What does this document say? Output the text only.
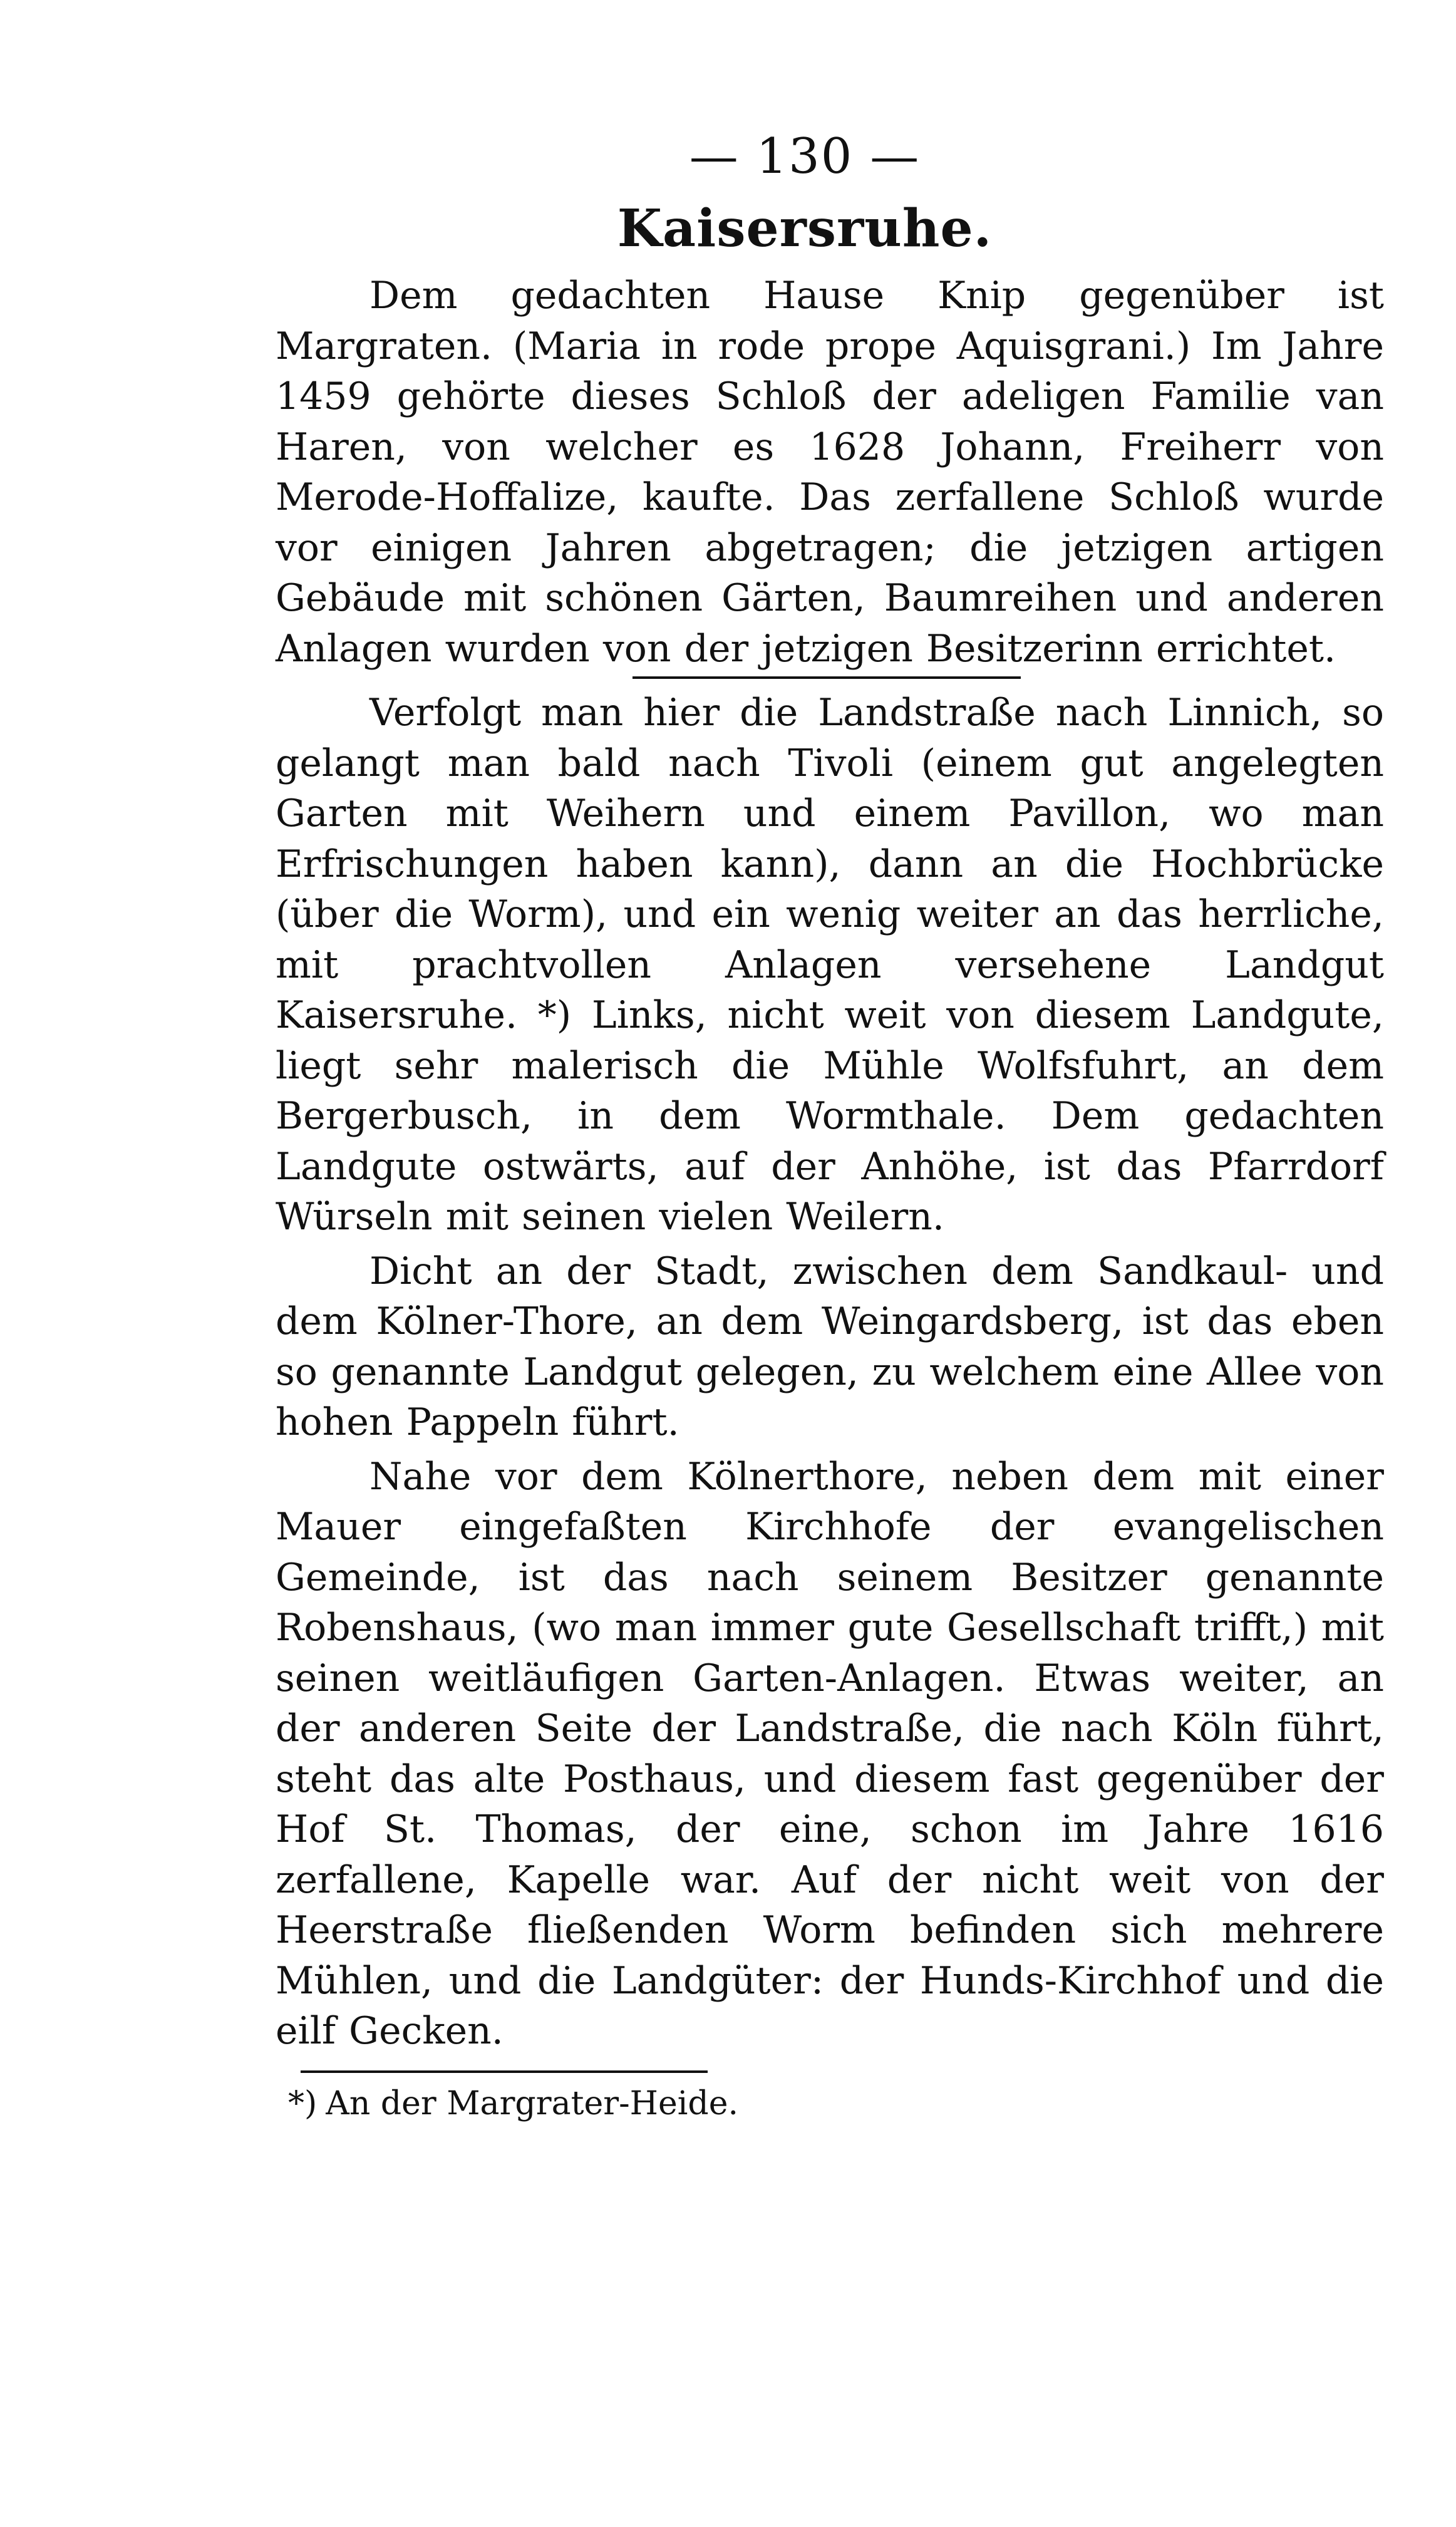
— 130 —
Kaisersruhe.

Dem gedachten Hause Knip gegenüber ist Margraten. (Maria in rode prope Aquisgrani.) Im Jahre 1459 gehörte dieses Schloß der adeligen Familie van Haren, von welcher es 1628 Johann, Freiherr von Merode-Hoffalize, kaufte. Das zerfallene Schloß wurde vor einigen Jahren abgetragen; die jetzigen artigen Gebäude mit schönen Gärten, Baumreihen und anderen Anlagen wurden von der jetzigen Besitzerinn errichtet.

Verfolgt man hier die Landstraße nach Linnich, so gelangt man bald nach Tivoli (einem gut angelegten Garten mit Weihern und einem Pavillon, wo man Erfrischungen haben kann), dann an die Hochbrücke (über die Worm), und ein wenig weiter an das herrliche, mit prachtvollen Anlagen versehene Landgut Kaisersruhe. *) Links, nicht weit von diesem Landgute, liegt sehr malerisch die Mühle Wolfsfuhrt, an dem Bergerbusch, in dem Wormthale. Dem gedachten Landgute ostwärts, auf der Anhöhe, ist das Pfarrdorf Würseln mit seinen vielen Weilern.

Dicht an der Stadt, zwischen dem Sandkaul- und dem Kölner-Thore, an dem Weingardsberg, ist das eben so genannte Landgut gelegen, zu welchem eine Allee von hohen Pappeln führt.

Nahe vor dem Kölnerthore, neben dem mit einer Mauer eingefaßten Kirchhofe der evangelischen Gemeinde, ist das nach seinem Besitzer genannte Robenshaus, (wo man immer gute Gesellschaft trifft,) mit seinen weitläufigen Garten-Anlagen. Etwas weiter, an der anderen Seite der Landstraße, die nach Köln führt, steht das alte Posthaus, und diesem fast gegenüber der Hof St. Thomas, der eine, schon im Jahre 1616 zerfallene, Kapelle war. Auf der nicht weit von der Heerstraße fließenden Worm befinden sich mehrere Mühlen, und die Landgüter: der Hunds-Kirchhof und die eilf Gecken.

*) An der Margrater-Heide.
